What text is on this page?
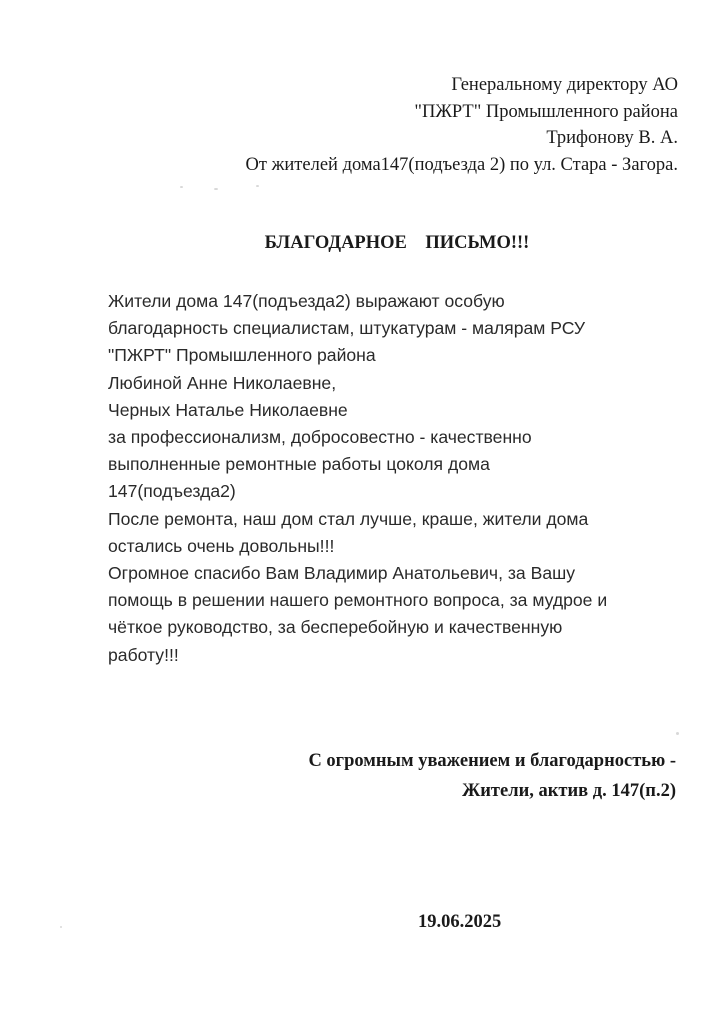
Генеральному директору АО
"ПЖРТ" Промышленного района
Трифонову В. А.
От жителей дома147(подъезда 2) по ул. Стара - Загора.
БЛАГОДАРНОЕ    ПИСЬМО!!!
Жители дома 147(подъезда2) выражают особую
благодарность специалистам, штукатурам - малярам РСУ
"ПЖРТ" Промышленного района
Любиной Анне Николаевне,
Черных Наталье Николаевне
за профессионализм, добросовестно - качественно
выполненные ремонтные работы цоколя дома
147(подъезда2)
После ремонта, наш дом стал лучше, краше, жители дома
остались очень довольны!!!
Огромное спасибо Вам Владимир Анатольевич, за Вашу
помощь в решении нашего ремонтного вопроса, за мудрое и
чёткое руководство, за бесперебойную и качественную
работу!!!
С огромным уважением и благодарностью -
Жители, актив д. 147(п.2)
19.06.2025
